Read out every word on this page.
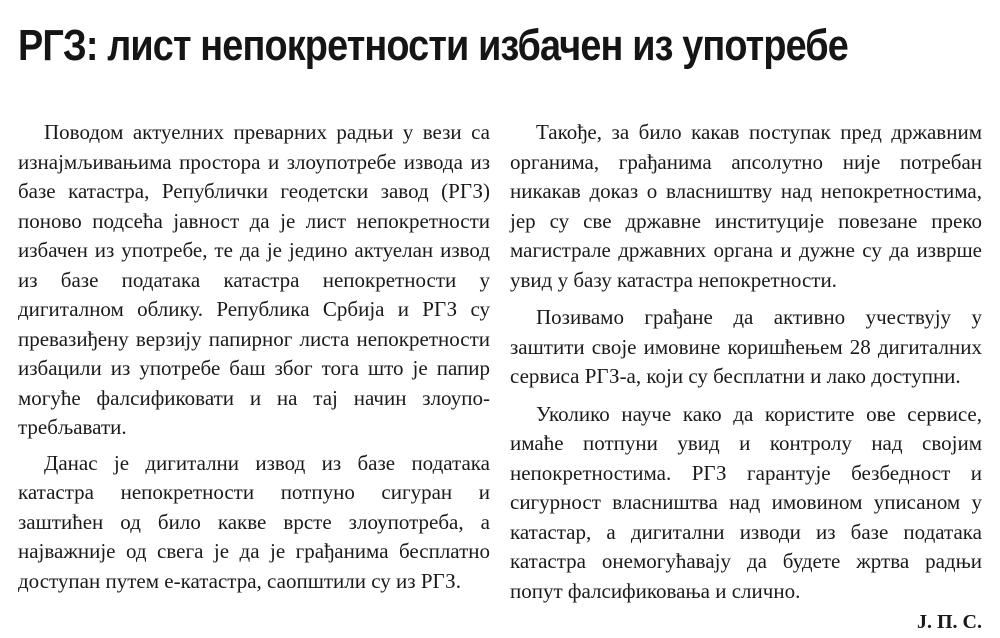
РГЗ: лист непокретности избачен из употребе

Поводом актуелних преварних радњи у вези са изнајмљивањима простора и злоупотребе извода из базе катастра, Републички геодетски завод (РГЗ) поново подсећа јавност да је лист непокретности избачен из употребе, те да је једино актуелан извод из базе података катастра непокретности у дигиталном облику. Република Србија и РГЗ су превазиђену верзију папирног листа непокретности избацили из употребе баш због тога што је папир могуће фалсификовати и на тај начин злоупотребљавати.

Данас је дигитални извод из базе података катастра непокретности потпуно сигуран и заштићен од било какве врсте злоупотреба, а најважније од свега је да је грађанима бесплатно доступан путем е-катастра, саопштили су из РГЗ.

Такође, за било какав поступак пред државним органима, грађанима апсолутно није потребан никакав доказ о власништву над непокретностима, јер су све државне институције повезане преко магистрале државних органа и дужне су да изврше увид у базу катастра непокретности.

Позивамо грађане да активно учествују у заштити своје имовине коришћењем 28 дигиталних сервиса РГЗ-а, који су бесплатни и лако доступни.

Уколико научe како да користите ове сервисе, имаће потпуни увид и контролу над својим непокретностима. РГЗ гарантује безбедност и сигурност власништва над имовином уписаном у катастар, а дигитални изводи из базе података катастра онемогућавају да будете жртва радњи попут фалсификовања и слично.

Ј. П. С.
